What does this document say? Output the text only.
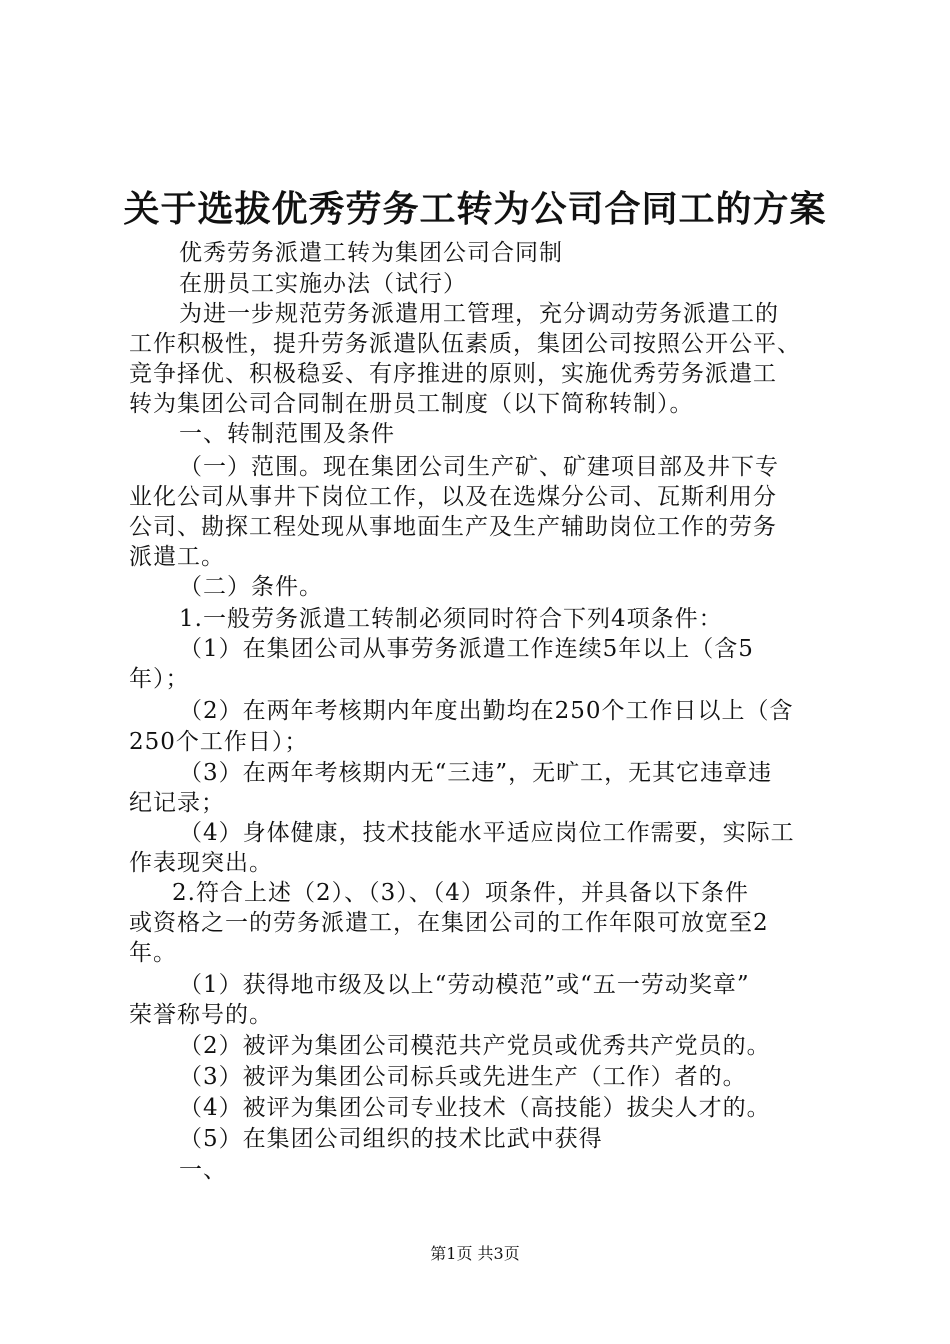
关于选拔优秀劳务工转为公司合同工的方案
优秀劳务派遣工转为集团公司合同制
在册员工实施办法（试行）
为进一步规范劳务派遣用工管理，充分调动劳务派遣工的
工作积极性，提升劳务派遣队伍素质，集团公司按照公开公平、
竞争择优、积极稳妥、有序推进的原则，实施优秀劳务派遣工
转为集团公司合同制在册员工制度（以下简称转制）。
一、转制范围及条件
（一）范围。现在集团公司生产矿、矿建项目部及井下专
业化公司从事井下岗位工作，以及在选煤分公司、瓦斯利用分
公司、勘探工程处现从事地面生产及生产辅助岗位工作的劳务
派遣工。
（二）条件。
1.一般劳务派遣工转制必须同时符合下列4项条件：
（1）在集团公司从事劳务派遣工作连续5年以上（含5
年）；
（2）在两年考核期内年度出勤均在250个工作日以上（含
250个工作日）；
（3）在两年考核期内无“三违”，无旷工，无其它违章违
纪记录；
（4）身体健康，技术技能水平适应岗位工作需要，实际工
作表现突出。
2.符合上述（2）、（3）、（4）项条件，并具备以下条件
或资格之一的劳务派遣工，在集团公司的工作年限可放宽至2
年。
（1）获得地市级及以上“劳动模范”或“五一劳动奖章”
荣誉称号的。
（2）被评为集团公司模范共产党员或优秀共产党员的。
（3）被评为集团公司标兵或先进生产（工作）者的。
（4）被评为集团公司专业技术（高技能）拔尖人才的。
（5）在集团公司组织的技术比武中获得
一、
第1页 共3页
